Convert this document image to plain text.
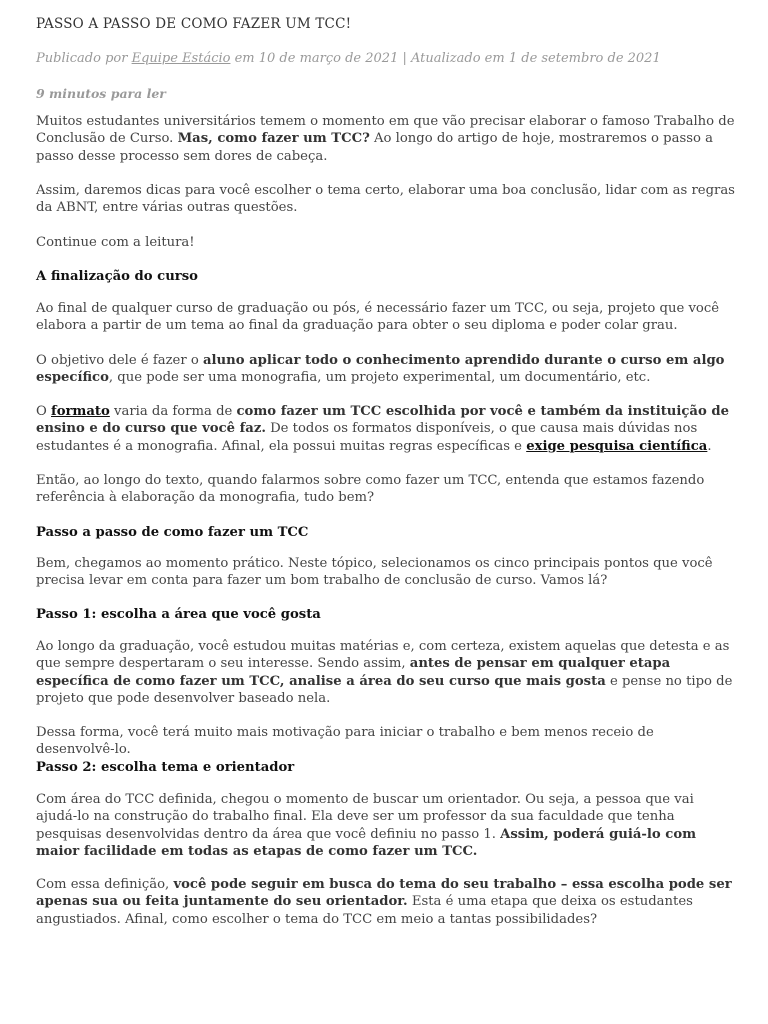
PASSO A PASSO DE COMO FAZER UM TCC!
Publicado por Equipe Estácio em 10 de março de 2021 | Atualizado em 1 de setembro de 2021
9 minutos para ler
Muitos estudantes universitários temem o momento em que vão precisar elaborar o famoso Trabalho de Conclusão de Curso. Mas, como fazer um TCC? Ao longo do artigo de hoje, mostraremos o passo a passo desse processo sem dores de cabeça.
Assim, daremos dicas para você escolher o tema certo, elaborar uma boa conclusão, lidar com as regras da ABNT, entre várias outras questões.
Continue com a leitura!
A finalização do curso
Ao final de qualquer curso de graduação ou pós, é necessário fazer um TCC, ou seja, projeto que você elabora a partir de um tema ao final da graduação para obter o seu diploma e poder colar grau.
O objetivo dele é fazer o aluno aplicar todo o conhecimento aprendido durante o curso em algo específico, que pode ser uma monografia, um projeto experimental, um documentário, etc.
O formato varia da forma de como fazer um TCC escolhida por você e também da instituição de ensino e do curso que você faz. De todos os formatos disponíveis, o que causa mais dúvidas nos estudantes é a monografia. Afinal, ela possui muitas regras específicas e exige pesquisa científica.
Então, ao longo do texto, quando falarmos sobre como fazer um TCC, entenda que estamos fazendo referência à elaboração da monografia, tudo bem?
Passo a passo de como fazer um TCC
Bem, chegamos ao momento prático. Neste tópico, selecionamos os cinco principais pontos que você precisa levar em conta para fazer um bom trabalho de conclusão de curso. Vamos lá?
Passo 1: escolha a área que você gosta
Ao longo da graduação, você estudou muitas matérias e, com certeza, existem aquelas que detesta e as que sempre despertaram o seu interesse. Sendo assim, antes de pensar em qualquer etapa específica de como fazer um TCC, analise a área do seu curso que mais gosta e pense no tipo de projeto que pode desenvolver baseado nela.
Dessa forma, você terá muito mais motivação para iniciar o trabalho e bem menos receio de desenvolvê-lo.
Passo 2: escolha tema e orientador
Com área do TCC definida, chegou o momento de buscar um orientador. Ou seja, a pessoa que vai ajudá-lo na construção do trabalho final. Ela deve ser um professor da sua faculdade que tenha pesquisas desenvolvidas dentro da área que você definiu no passo 1. Assim, poderá guiá-lo com maior facilidade em todas as etapas de como fazer um TCC.
Com essa definição, você pode seguir em busca do tema do seu trabalho – essa escolha pode ser apenas sua ou feita juntamente do seu orientador. Esta é uma etapa que deixa os estudantes angustiados. Afinal, como escolher o tema do TCC em meio a tantas possibilidades?
